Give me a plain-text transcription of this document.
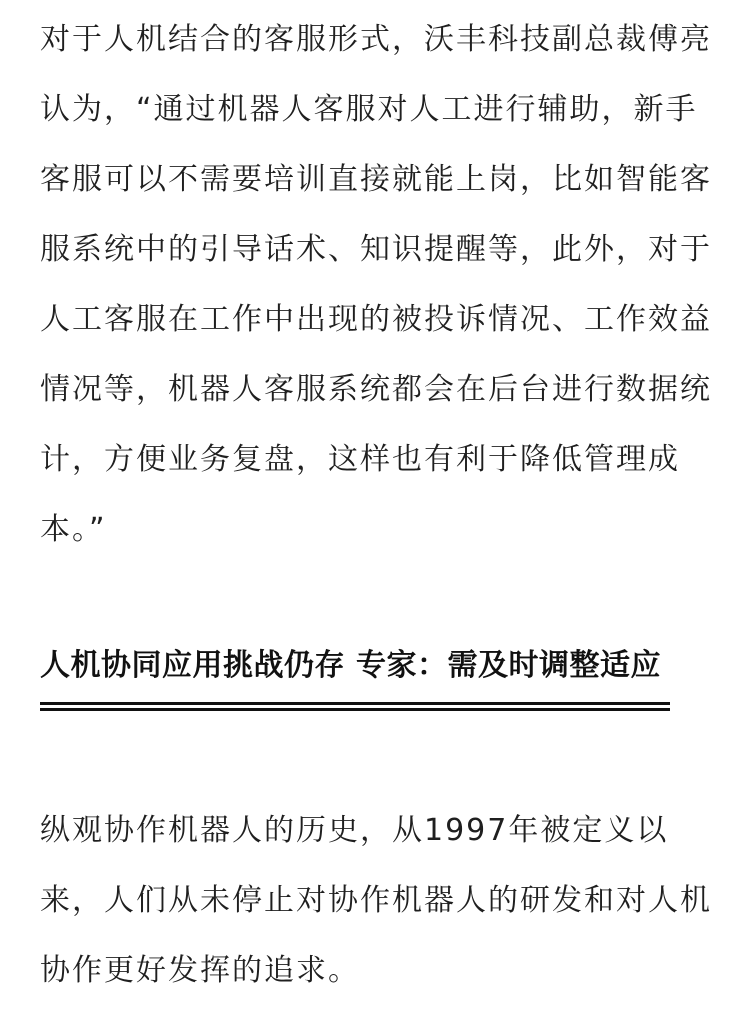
对于人机结合的客服形式，沃丰科技副总裁傅亮
认为，“通过机器人客服对人工进行辅助，新手
客服可以不需要培训直接就能上岗，比如智能客
服系统中的引导话术、知识提醒等，此外，对于
人工客服在工作中出现的被投诉情况、工作效益
情况等，机器人客服系统都会在后台进行数据统
计，方便业务复盘，这样也有利于降低管理成
本。”

人机协同应用挑战仍存 专家：需及时调整适应

纵观协作机器人的历史，从1997年被定义以
来，人们从未停止对协作机器人的研发和对人机
协作更好发挥的追求。
